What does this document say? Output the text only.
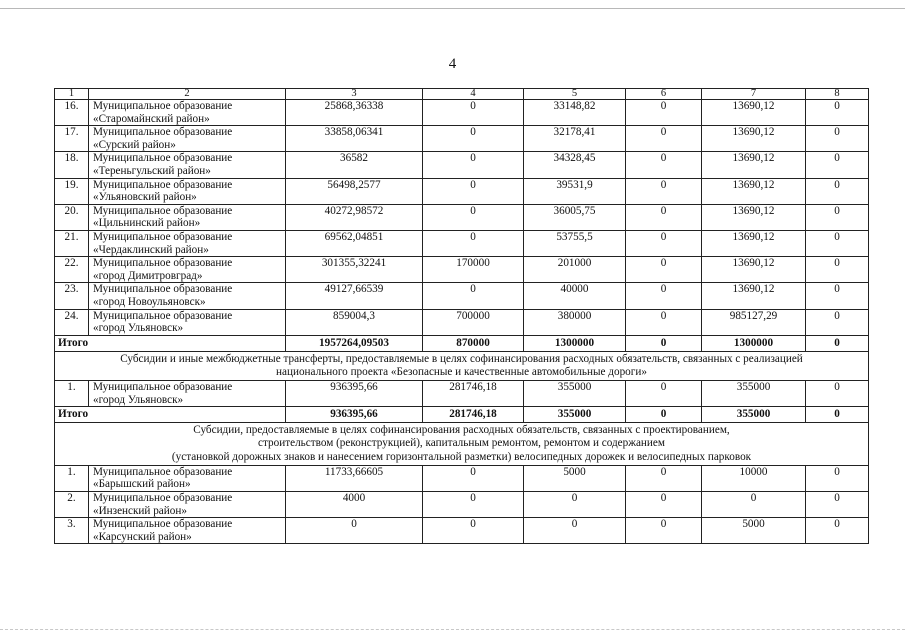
4
1	2	3	4	5	6	7	8
16.	Муниципальное образование
«Старомайнский район»	25868,36338	0	33148,82	0	13690,12	0
17.	Муниципальное образование
«Сурский район»	33858,06341	0	32178,41	0	13690,12	0
18.	Муниципальное образование
«Тереньгульский район»	36582	0	34328,45	0	13690,12	0
19.	Муниципальное образование
«Ульяновский район»	56498,2577	0	39531,9	0	13690,12	0
20.	Муниципальное образование
«Цильнинский район»	40272,98572	0	36005,75	0	13690,12	0
21.	Муниципальное образование
«Чердаклинский район»	69562,04851	0	53755,5	0	13690,12	0
22.	Муниципальное образование
«город Димитровград»	301355,32241	170000	201000	0	13690,12	0
23.	Муниципальное образование
«город Новоульяновск»	49127,66539	0	40000	0	13690,12	0
24.	Муниципальное образование
«город Ульяновск»	859004,3	700000	380000	0	985127,29	0
Итого		1957264,09503	870000	1300000	0	1300000	0

Субсидии и иные межбюджетные трансферты, предоставляемые в целях софинансирования расходных обязательств, связанных с реализацией
национального проекта «Безопасные и качественные автомобильные дороги»							

1.	Муниципальное образование
«город Ульяновск»	936395,66	281746,18	355000	0	355000	0
Итого		936395,66	281746,18	355000	0	355000	0

Субсидии, предоставляемые в целях софинансирования расходных обязательств, связанных с проектированием,
строительством (реконструкцией), капитальным ремонтом, ремонтом и содержанием
(установкой дорожных знаков и нанесением горизонтальной разметки) велосипедных дорожек и велосипедных парковок							

1.	Муниципальное образование
«Барышский район»	11733,66605	0	5000	0	10000	0
2.	Муниципальное образование
«Инзенский район»	4000	0	0	0	0	0
3.	Муниципальное образование
«Карсунский район»	0	0	0	0	5000	0
